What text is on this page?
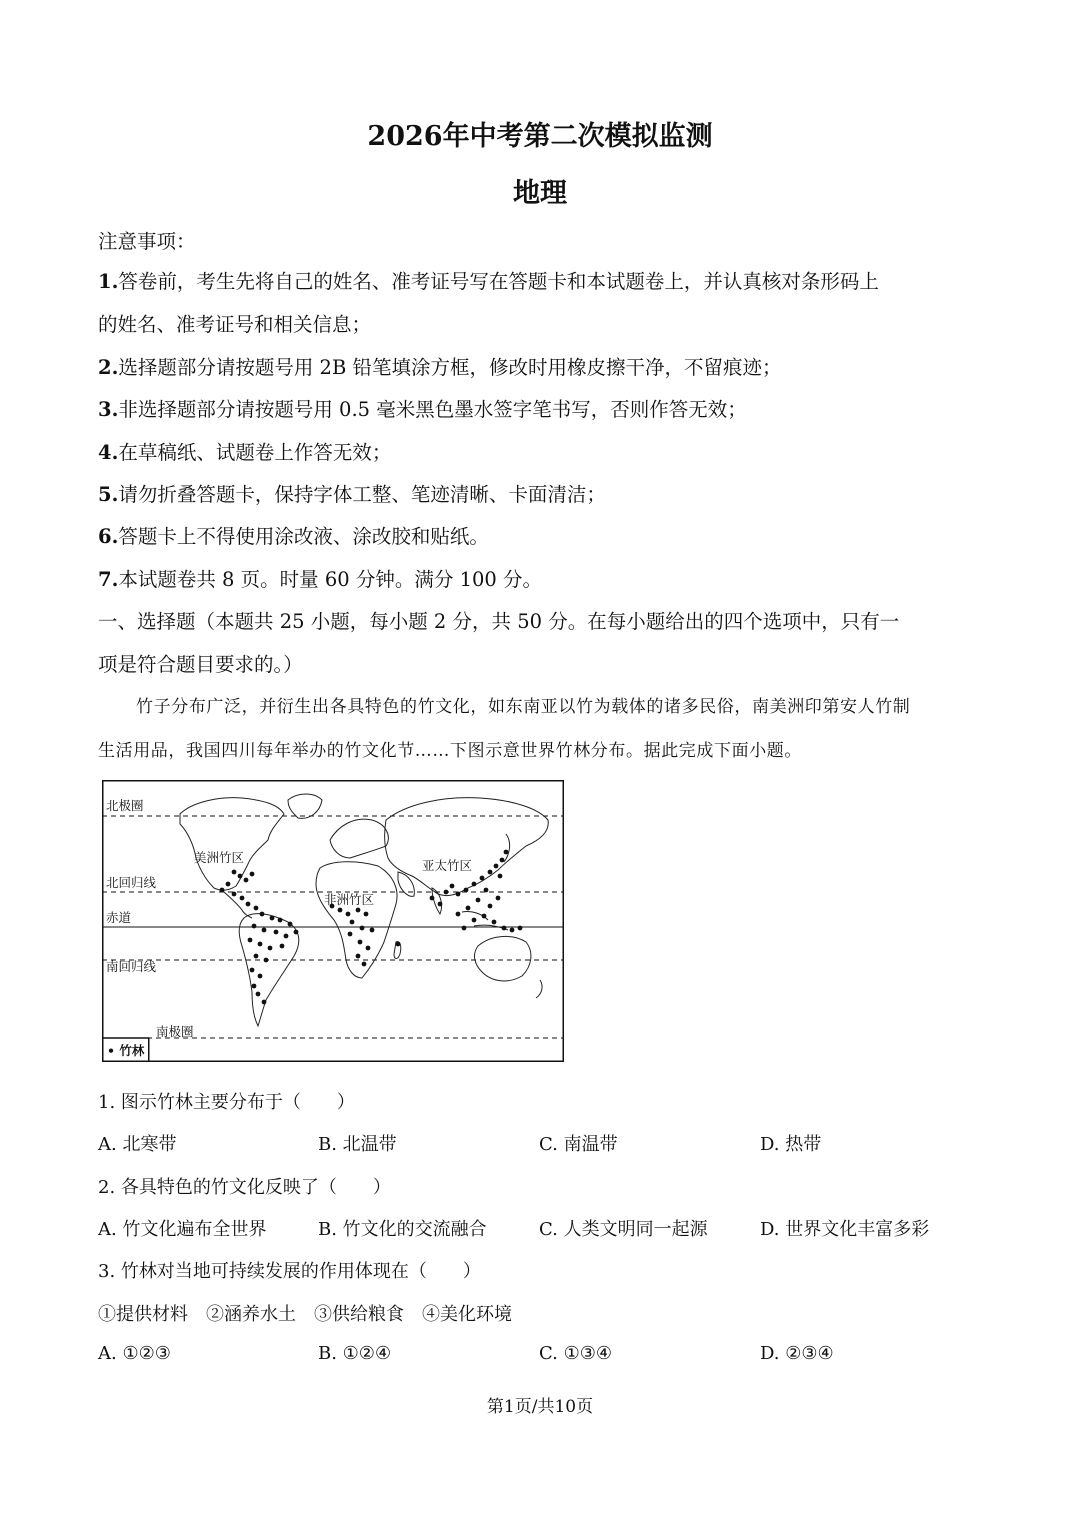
2026年中考第二次模拟监测
地理
注意事项：
1.答卷前，考生先将自己的姓名、准考证号写在答题卡和本试题卷上，并认真核对条形码上
的姓名、准考证号和相关信息；
2.选择题部分请按题号用 2B 铅笔填涂方框，修改时用橡皮擦干净，不留痕迹；
3.非选择题部分请按题号用 0.5 毫米黑色墨水签字笔书写，否则作答无效；
4.在草稿纸、试题卷上作答无效；
5.请勿折叠答题卡，保持字体工整、笔迹清晰、卡面清洁；
6.答题卡上不得使用涂改液、涂改胶和贴纸。
7.本试题卷共 8 页。时量 60 分钟。满分 100 分。
一、选择题（本题共 25 小题，每小题 2 分，共 50 分。在每小题给出的四个选项中，只有一
项是符合题目要求的。）
竹子分布广泛，并衍生出各具特色的竹文化，如东南亚以竹为载体的诸多民俗，南美洲印第安人竹制
生活用品，我国四川每年举办的竹文化节……下图示意世界竹林分布。据此完成下面小题。
北极圈
北回归线
赤道
南回归线
南极圈
美洲竹区
非洲竹区
亚太竹区
• 竹林
1. 图示竹林主要分布于（　　）
A. 北寒带	B. 北温带	C. 南温带	D. 热带
2. 各具特色的竹文化反映了（　　）
A. 竹文化遍布全世界	B. 竹文化的交流融合	C. 人类文明同一起源	D. 世界文化丰富多彩
3. 竹林对当地可持续发展的作用体现在（　　）
①提供材料　②涵养水土　③供给粮食　④美化环境
A. ①②③	B. ①②④	C. ①③④	D. ②③④
第1页/共10页
